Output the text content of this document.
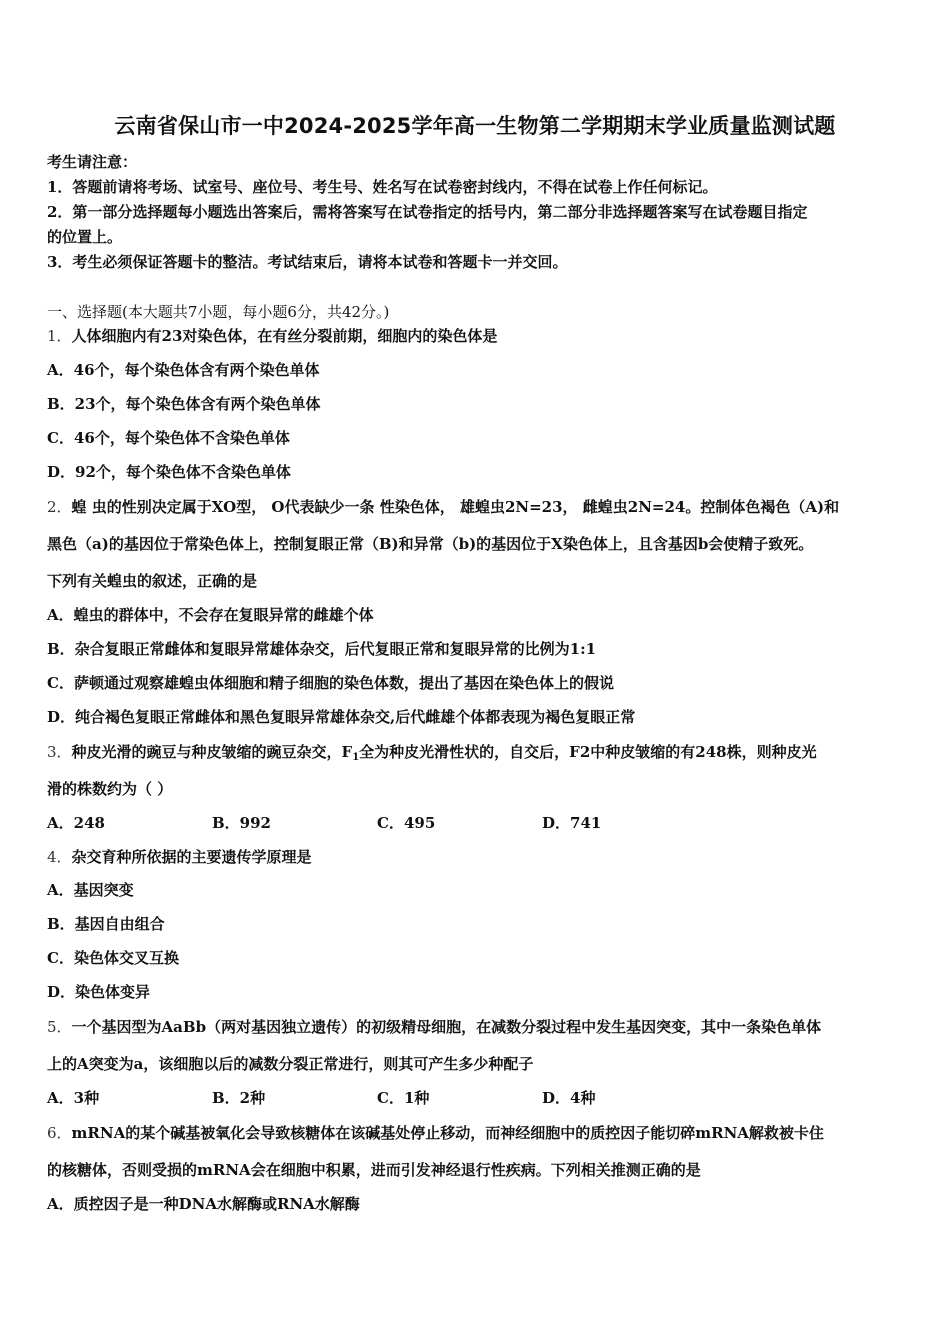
云南省保山市一中2024-2025学年高一生物第二学期期末学业质量监测试题
考生请注意：
1．答题前请将考场、试室号、座位号、考生号、姓名写在试卷密封线内，不得在试卷上作任何标记。
2．第一部分选择题每小题选出答案后，需将答案写在试卷指定的括号内，第二部分非选择题答案写在试卷题目指定
的位置上。
3．考生必须保证答题卡的整洁。考试结束后，请将本试卷和答题卡一并交回。
一、选择题(本大题共7小题，每小题6分，共42分。)
1．人体细胞内有23对染色体，在有丝分裂前期，细胞内的染色体是
A．46个，每个染色体含有两个染色单体
B．23个，每个染色体含有两个染色单体
C．46个，每个染色体不含染色单体
D．92个，每个染色体不含染色单体
2．蝗 虫的性别决定属于XO型， O代表缺少一条 性染色体， 雄蝗虫2N=23， 雌蝗虫2N=24。控制体色褐色（A)和
黑色（a)的基因位于常染色体上，控制复眼正常（B)和异常（b)的基因位于X染色体上，且含基因b会使精子致死。
下列有关蝗虫的叙述，正确的是
A．蝗虫的群体中，不会存在复眼异常的雌雄个体
B．杂合复眼正常雌体和复眼异常雄体杂交，后代复眼正常和复眼异常的比例为1:1
C．萨顿通过观察雄蝗虫体细胞和精子细胞的染色体数，提出了基因在染色体上的假说
D．纯合褐色复眼正常雌体和黑色复眼异常雄体杂交,后代雌雄个体都表现为褐色复眼正常
3．种皮光滑的豌豆与种皮皱缩的豌豆杂交，$F_1$全为种皮光滑性状的，自交后，F2中种皮皱缩的有248株，则种皮光
滑的株数约为（ ）
A．248	B．992	C．495	D．741
4．杂交育种所依据的主要遗传学原理是
A．基因突变
B．基因自由组合
C．染色体交叉互换
D．染色体变异
5．一个基因型为AaBb（两对基因独立遗传）的初级精母细胞，在减数分裂过程中发生基因突变，其中一条染色单体
上的A突变为a，该细胞以后的减数分裂正常进行，则其可产生多少种配子
A．3种	B．2种	C．1种	D．4种
6．mRNA的某个碱基被氧化会导致核糖体在该碱基处停止移动，而神经细胞中的质控因子能切碎mRNA解救被卡住
的核糖体，否则受损的mRNA会在细胞中积累，进而引发神经退行性疾病。下列相关推测正确的是
A．质控因子是一种DNA水解酶或RNA水解酶
